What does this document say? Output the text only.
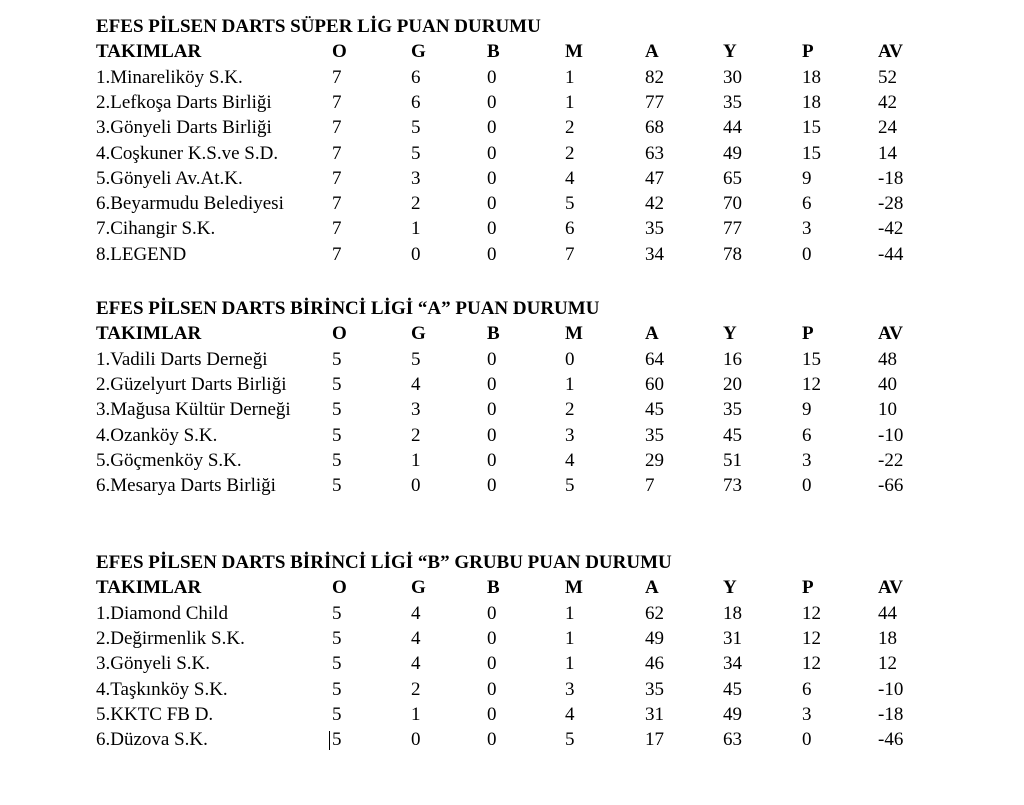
EFES PİLSEN DARTS SÜPER LİG PUAN DURUMU
TAKIMLAR	O	G	B	M	A	Y	P	AV
1.Minareliköy S.K.	7	6	0	1	82	30	18	52
2.Lefkoşa Darts Birliği	7	6	0	1	77	35	18	42
3.Gönyeli Darts Birliği	7	5	0	2	68	44	15	24
4.Coşkuner K.S.ve S.D.	7	5	0	2	63	49	15	14
5.Gönyeli Av.At.K.	7	3	0	4	47	65	9	-18
6.Beyarmudu Belediyesi	7	2	0	5	42	70	6	-28
7.Cihangir S.K.	7	1	0	6	35	77	3	-42
8.LEGEND	7	0	0	7	34	78	0	-44
EFES PİLSEN DARTS BİRİNCİ LİGİ “A” PUAN DURUMU
TAKIMLAR	O	G	B	M	A	Y	P	AV
1.Vadili Darts Derneği	5	5	0	0	64	16	15	48
2.Güzelyurt Darts Birliği 5	4	0	1	60	20	12	40
3.Mağusa Kültür Derneği 5	3	0	2	45	35	9	10
4.Ozanköy S.K.	5	2	0	3	35	45	6	-10
5.Göçmenköy S.K.	5	1	0	4	29	51	3	-22
6.Mesarya Darts Birliği	5	0	0	5	7	73	0	-66
EFES PİLSEN DARTS BİRİNCİ LİGİ “B” GRUBU PUAN DURUMU
TAKIMLAR	O	G	B	M	A	Y	P	AV
1.Diamond Child	5	4	0	1	62	18	12	44
2.Değirmenlik S.K.	5	4	0	1	49	31	12	18
3.Gönyeli S.K.	5	4	0	1	46	34	12	12
4.Taşkınköy S.K.	5	2	0	3	35	45	6	-10
5.KKTC FB D.	5	1	0	4	31	49	3	-18
6.Düzova S.K.	5	0	0	5	17	63	0	-46
